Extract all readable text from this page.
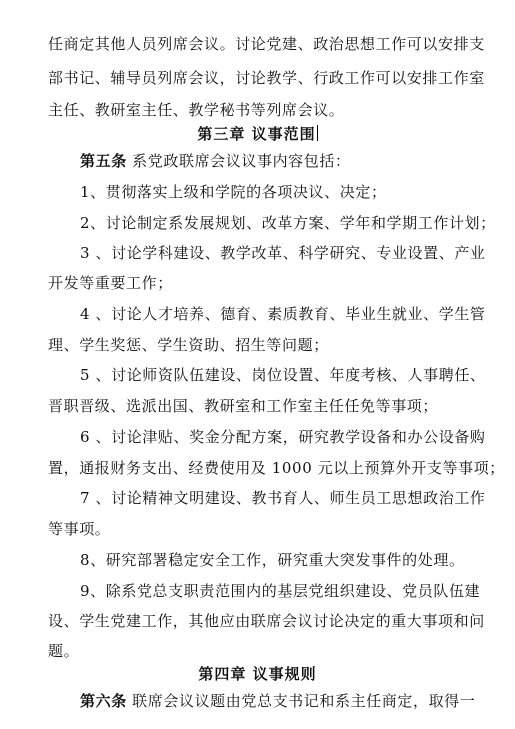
任商定其他人员列席会议。讨论党建、政治思想工作可以安排支
部书记、辅导员列席会议，讨论教学、行政工作可以安排工作室
主任、教研室主任、教学秘书等列席会议。
第三章 议事范围
第五条 系党政联席会议议事内容包括：
1、贯彻落实上级和学院的各项决议、决定；
2、讨论制定系发展规划、改革方案、学年和学期工作计划；
3 、讨论学科建设、教学改革、科学研究、专业设置、产业
开发等重要工作；
4 、讨论人才培养、德育、素质教育、毕业生就业、学生管
理、学生奖惩、学生资助、招生等问题；
5 、讨论师资队伍建设、岗位设置、年度考核、人事聘任、
晋职晋级、选派出国、教研室和工作室主任任免等事项；
6 、讨论津贴、奖金分配方案，研究教学设备和办公设备购
置，通报财务支出、经费使用及 1000 元以上预算外开支等事项；
7 、讨论精神文明建设、教书育人、师生员工思想政治工作
等事项。
8、研究部署稳定安全工作，研究重大突发事件的处理。
9、除系党总支职责范围内的基层党组织建设、党员队伍建
设、学生党建工作，其他应由联席会议讨论决定的重大事项和问
题。
第四章 议事规则
第六条 联席会议议题由党总支书记和系主任商定，取得一
